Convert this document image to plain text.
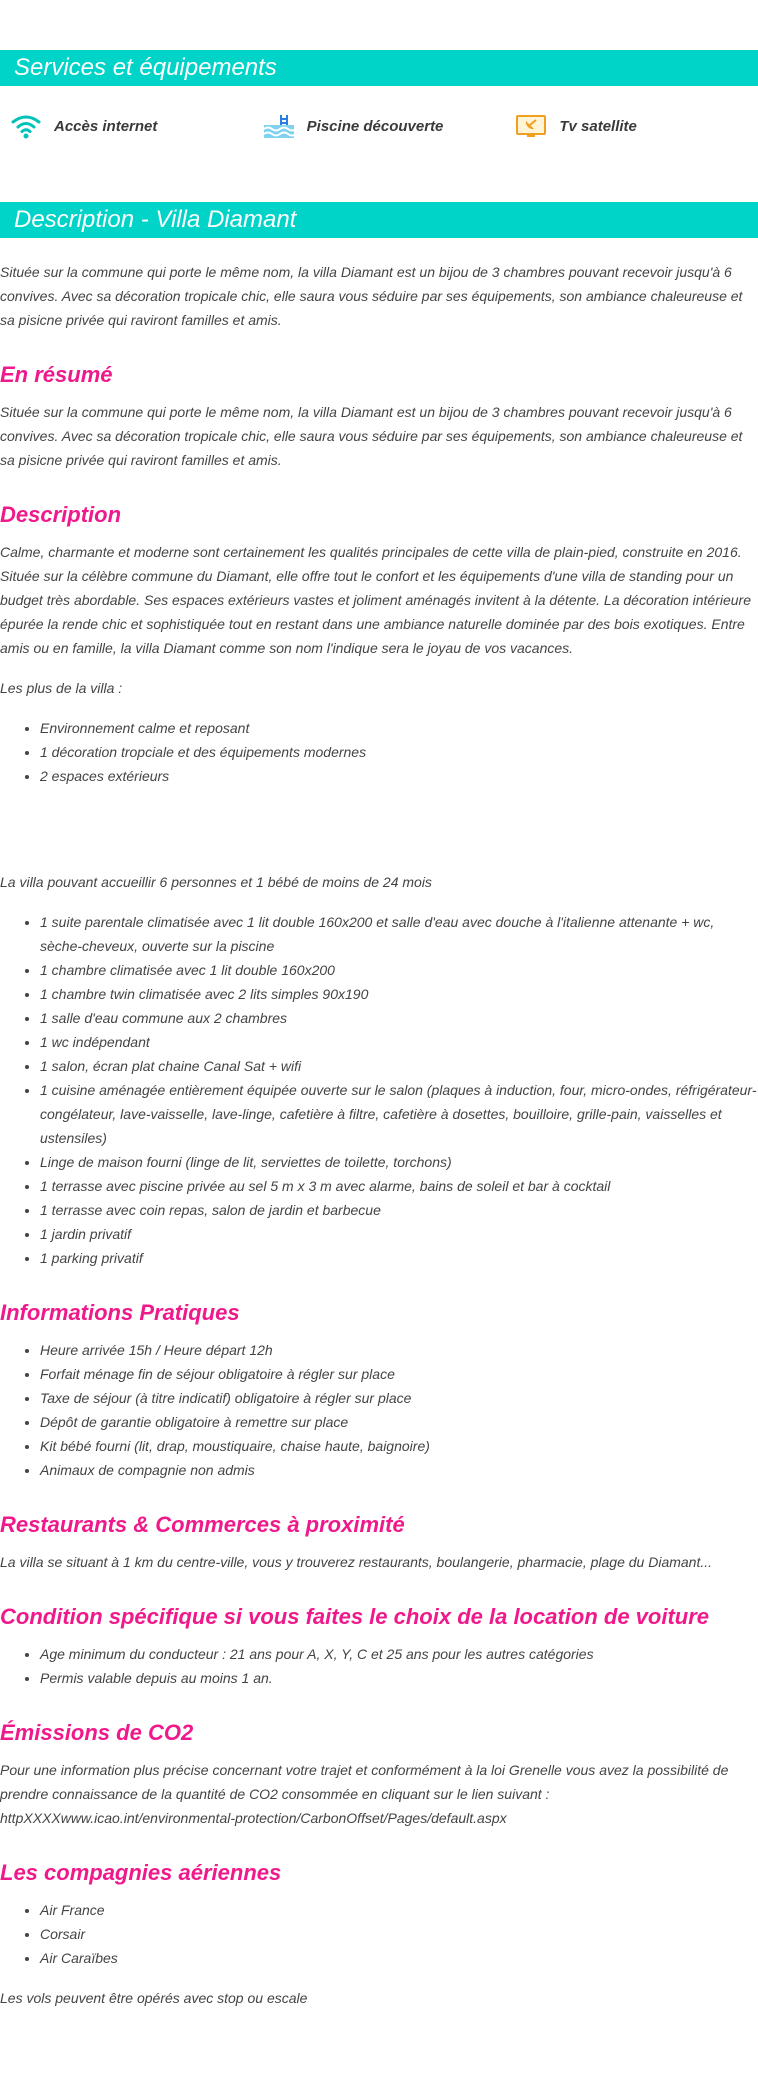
Services et équipements
Accès internet	Piscine découverte	Tv satellite
Description - Villa Diamant

Située sur la commune qui porte le même nom, la villa Diamant est un bijou de 3 chambres pouvant recevoir jusqu'à 6 convives. Avec sa décoration tropicale chic, elle saura vous séduire par ses équipements, son ambiance chaleureuse et sa pisicne privée qui raviront familles et amis.

En résumé

Située sur la commune qui porte le même nom, la villa Diamant est un bijou de 3 chambres pouvant recevoir jusqu'à 6 convives. Avec sa décoration tropicale chic, elle saura vous séduire par ses équipements, son ambiance chaleureuse et sa pisicne privée qui raviront familles et amis.

Description

Calme, charmante et moderne sont certainement les qualités principales de cette villa de plain-pied, construite en 2016. Située sur la célèbre commune du Diamant, elle offre tout le confort et les équipements d'une villa de standing pour un budget très abordable. Ses espaces extérieurs vastes et joliment aménagés invitent à la détente. La décoration intérieure épurée la rende chic et sophistiquée tout en restant dans une ambiance naturelle dominée par des bois exotiques. Entre amis ou en famille, la villa Diamant comme son nom l'indique sera le joyau de vos vacances.

Les plus de la villa :

• Environnement calme et reposant
• 1 décoration tropciale et des équipements modernes
• 2 espaces extérieurs

La villa pouvant accueillir 6 personnes et 1 bébé de moins de 24 mois

• 1 suite parentale climatisée avec 1 lit double 160x200 et salle d'eau avec douche à l'italienne attenante + wc, sèche-cheveux, ouverte sur la piscine
• 1 chambre climatisée avec 1 lit double 160x200
• 1 chambre twin climatisée avec 2 lits simples 90x190
• 1 salle d'eau commune aux 2 chambres
• 1 wc indépendant
• 1 salon, écran plat chaine Canal Sat + wifi
• 1 cuisine aménagée entièrement équipée ouverte sur le salon (plaques à induction, four, micro-ondes, réfrigérateur-congélateur, lave-vaisselle, lave-linge, cafetière à filtre, cafetière à dosettes, bouilloire, grille-pain, vaisselles et ustensiles)
• Linge de maison fourni (linge de lit, serviettes de toilette, torchons)
• 1 terrasse avec piscine privée au sel 5 m x 3 m avec alarme, bains de soleil et bar à cocktail
• 1 terrasse avec coin repas, salon de jardin et barbecue
• 1 jardin privatif
• 1 parking privatif
Informations Pratiques
• Heure arrivée 15h / Heure départ 12h
• Forfait ménage fin de séjour obligatoire à régler sur place
• Taxe de séjour (à titre indicatif) obligatoire à régler sur place
• Dépôt de garantie obligatoire à remettre sur place
• Kit bébé fourni (lit, drap, moustiquaire, chaise haute, baignoire)
• Animaux de compagnie non admis
Restaurants & Commerces à proximité

La villa se situant à 1 km du centre-ville, vous y trouverez restaurants, boulangerie, pharmacie, plage du Diamant...

Condition spécifique si vous faites le choix de la location de voiture
• Age minimum du conducteur : 21 ans pour A, X, Y, C et 25 ans pour les autres catégories
• Permis valable depuis au moins 1 an.
Émissions de CO2

Pour une information plus précise concernant votre trajet et conformément à la loi Grenelle vous avez la possibilité de prendre connaissance de la quantité de CO2 consommée en cliquant sur le lien suivant : httpXXXXwww.icao.int/environmental-protection/CarbonOffset/Pages/default.aspx

Les compagnies aériennes
• Air France
• Corsair
• Air Caraïbes

Les vols peuvent être opérés avec stop ou escale
